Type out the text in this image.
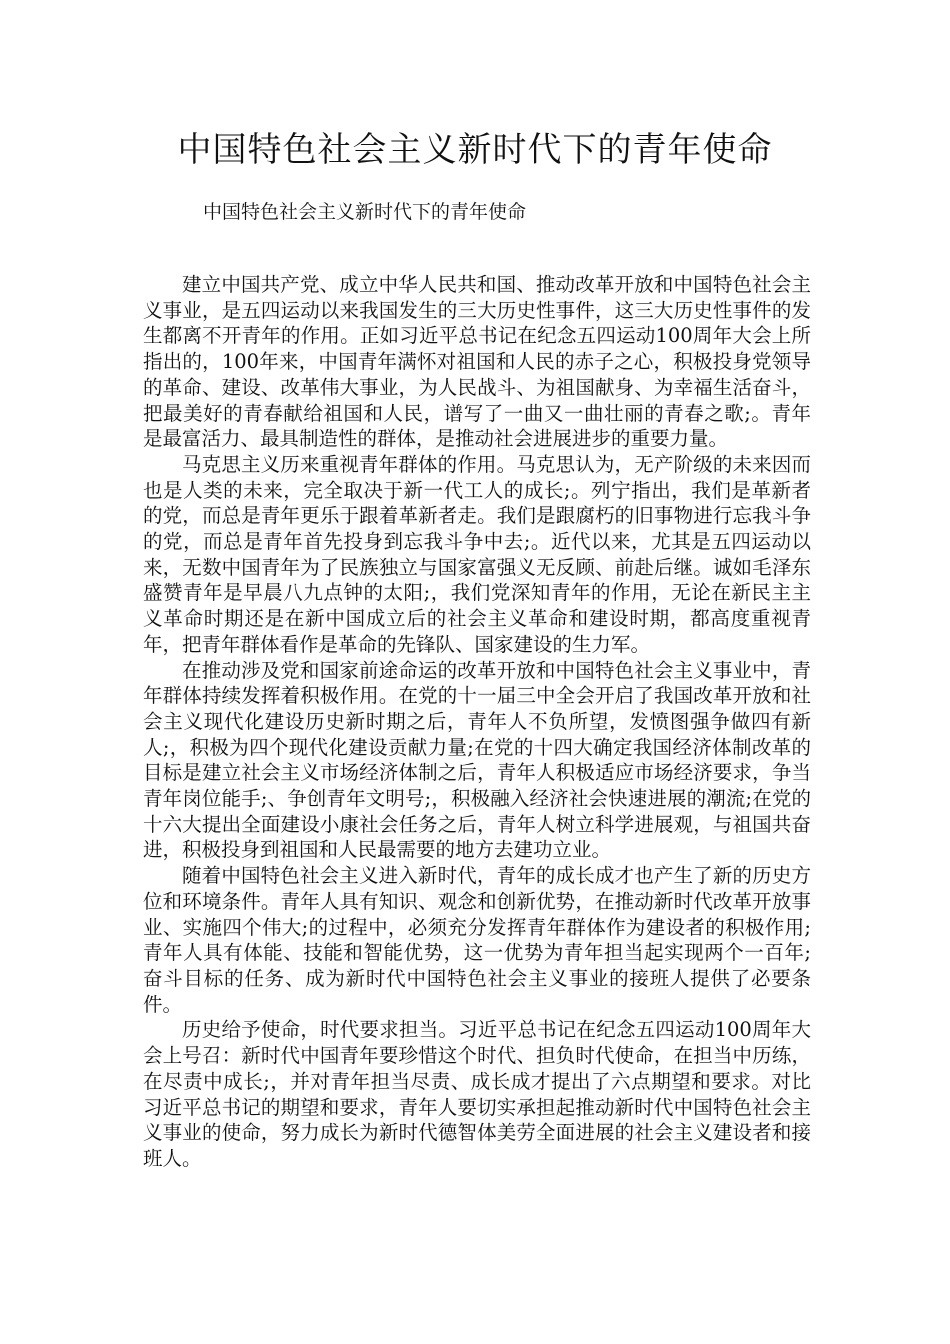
中国特色社会主义新时代下的青年使命
中国特色社会主义新时代下的青年使命

建立中国共产党、成立中华人民共和国、推动改革开放和中国特色社会主义事业，是五四运动以来我国发生的三大历史性事件，这三大历史性事件的发生都离不开青年的作用。正如习近平总书记在纪念五四运动100周年大会上所指出的，100年来，中国青年满怀对祖国和人民的赤子之心，积极投身党领导的革命、建设、改革伟大事业，为人民战斗、为祖国献身、为幸福生活奋斗，把最美好的青春献给祖国和人民，谱写了一曲又一曲壮丽的青春之歌;。青年是最富活力、最具制造性的群体，是推动社会进展进步的重要力量。

马克思主义历来重视青年群体的作用。马克思认为，无产阶级的未来因而也是人类的未来，完全取决于新一代工人的成长;。列宁指出，我们是革新者的党，而总是青年更乐于跟着革新者走。我们是跟腐朽的旧事物进行忘我斗争的党，而总是青年首先投身到忘我斗争中去;。近代以来，尤其是五四运动以来，无数中国青年为了民族独立与国家富强义无反顾、前赴后继。诚如毛泽东盛赞青年是早晨八九点钟的太阳;，我们党深知青年的作用，无论在新民主主义革命时期还是在新中国成立后的社会主义革命和建设时期，都高度重视青年，把青年群体看作是革命的先锋队、国家建设的生力军。

在推动涉及党和国家前途命运的改革开放和中国特色社会主义事业中，青年群体持续发挥着积极作用。在党的十一届三中全会开启了我国改革开放和社会主义现代化建设历史新时期之后，青年人不负所望，发愤图强争做四有新人;，积极为四个现代化建设贡献力量;在党的十四大确定我国经济体制改革的目标是建立社会主义市场经济体制之后，青年人积极适应市场经济要求，争当青年岗位能手;、争创青年文明号;，积极融入经济社会快速进展的潮流;在党的十六大提出全面建设小康社会任务之后，青年人树立科学进展观，与祖国共奋进，积极投身到祖国和人民最需要的地方去建功立业。

随着中国特色社会主义进入新时代，青年的成长成才也产生了新的历史方位和环境条件。青年人具有知识、观念和创新优势，在推动新时代改革开放事业、实施四个伟大;的过程中，必须充分发挥青年群体作为建设者的积极作用;青年人具有体能、技能和智能优势，这一优势为青年担当起实现两个一百年;奋斗目标的任务、成为新时代中国特色社会主义事业的接班人提供了必要条件。

历史给予使命，时代要求担当。习近平总书记在纪念五四运动100周年大会上号召：新时代中国青年要珍惜这个时代、担负时代使命，在担当中历练，在尽责中成长;，并对青年担当尽责、成长成才提出了六点期望和要求。对比习近平总书记的期望和要求，青年人要切实承担起推动新时代中国特色社会主义事业的使命，努力成长为新时代德智体美劳全面进展的社会主义建设者和接班人。
